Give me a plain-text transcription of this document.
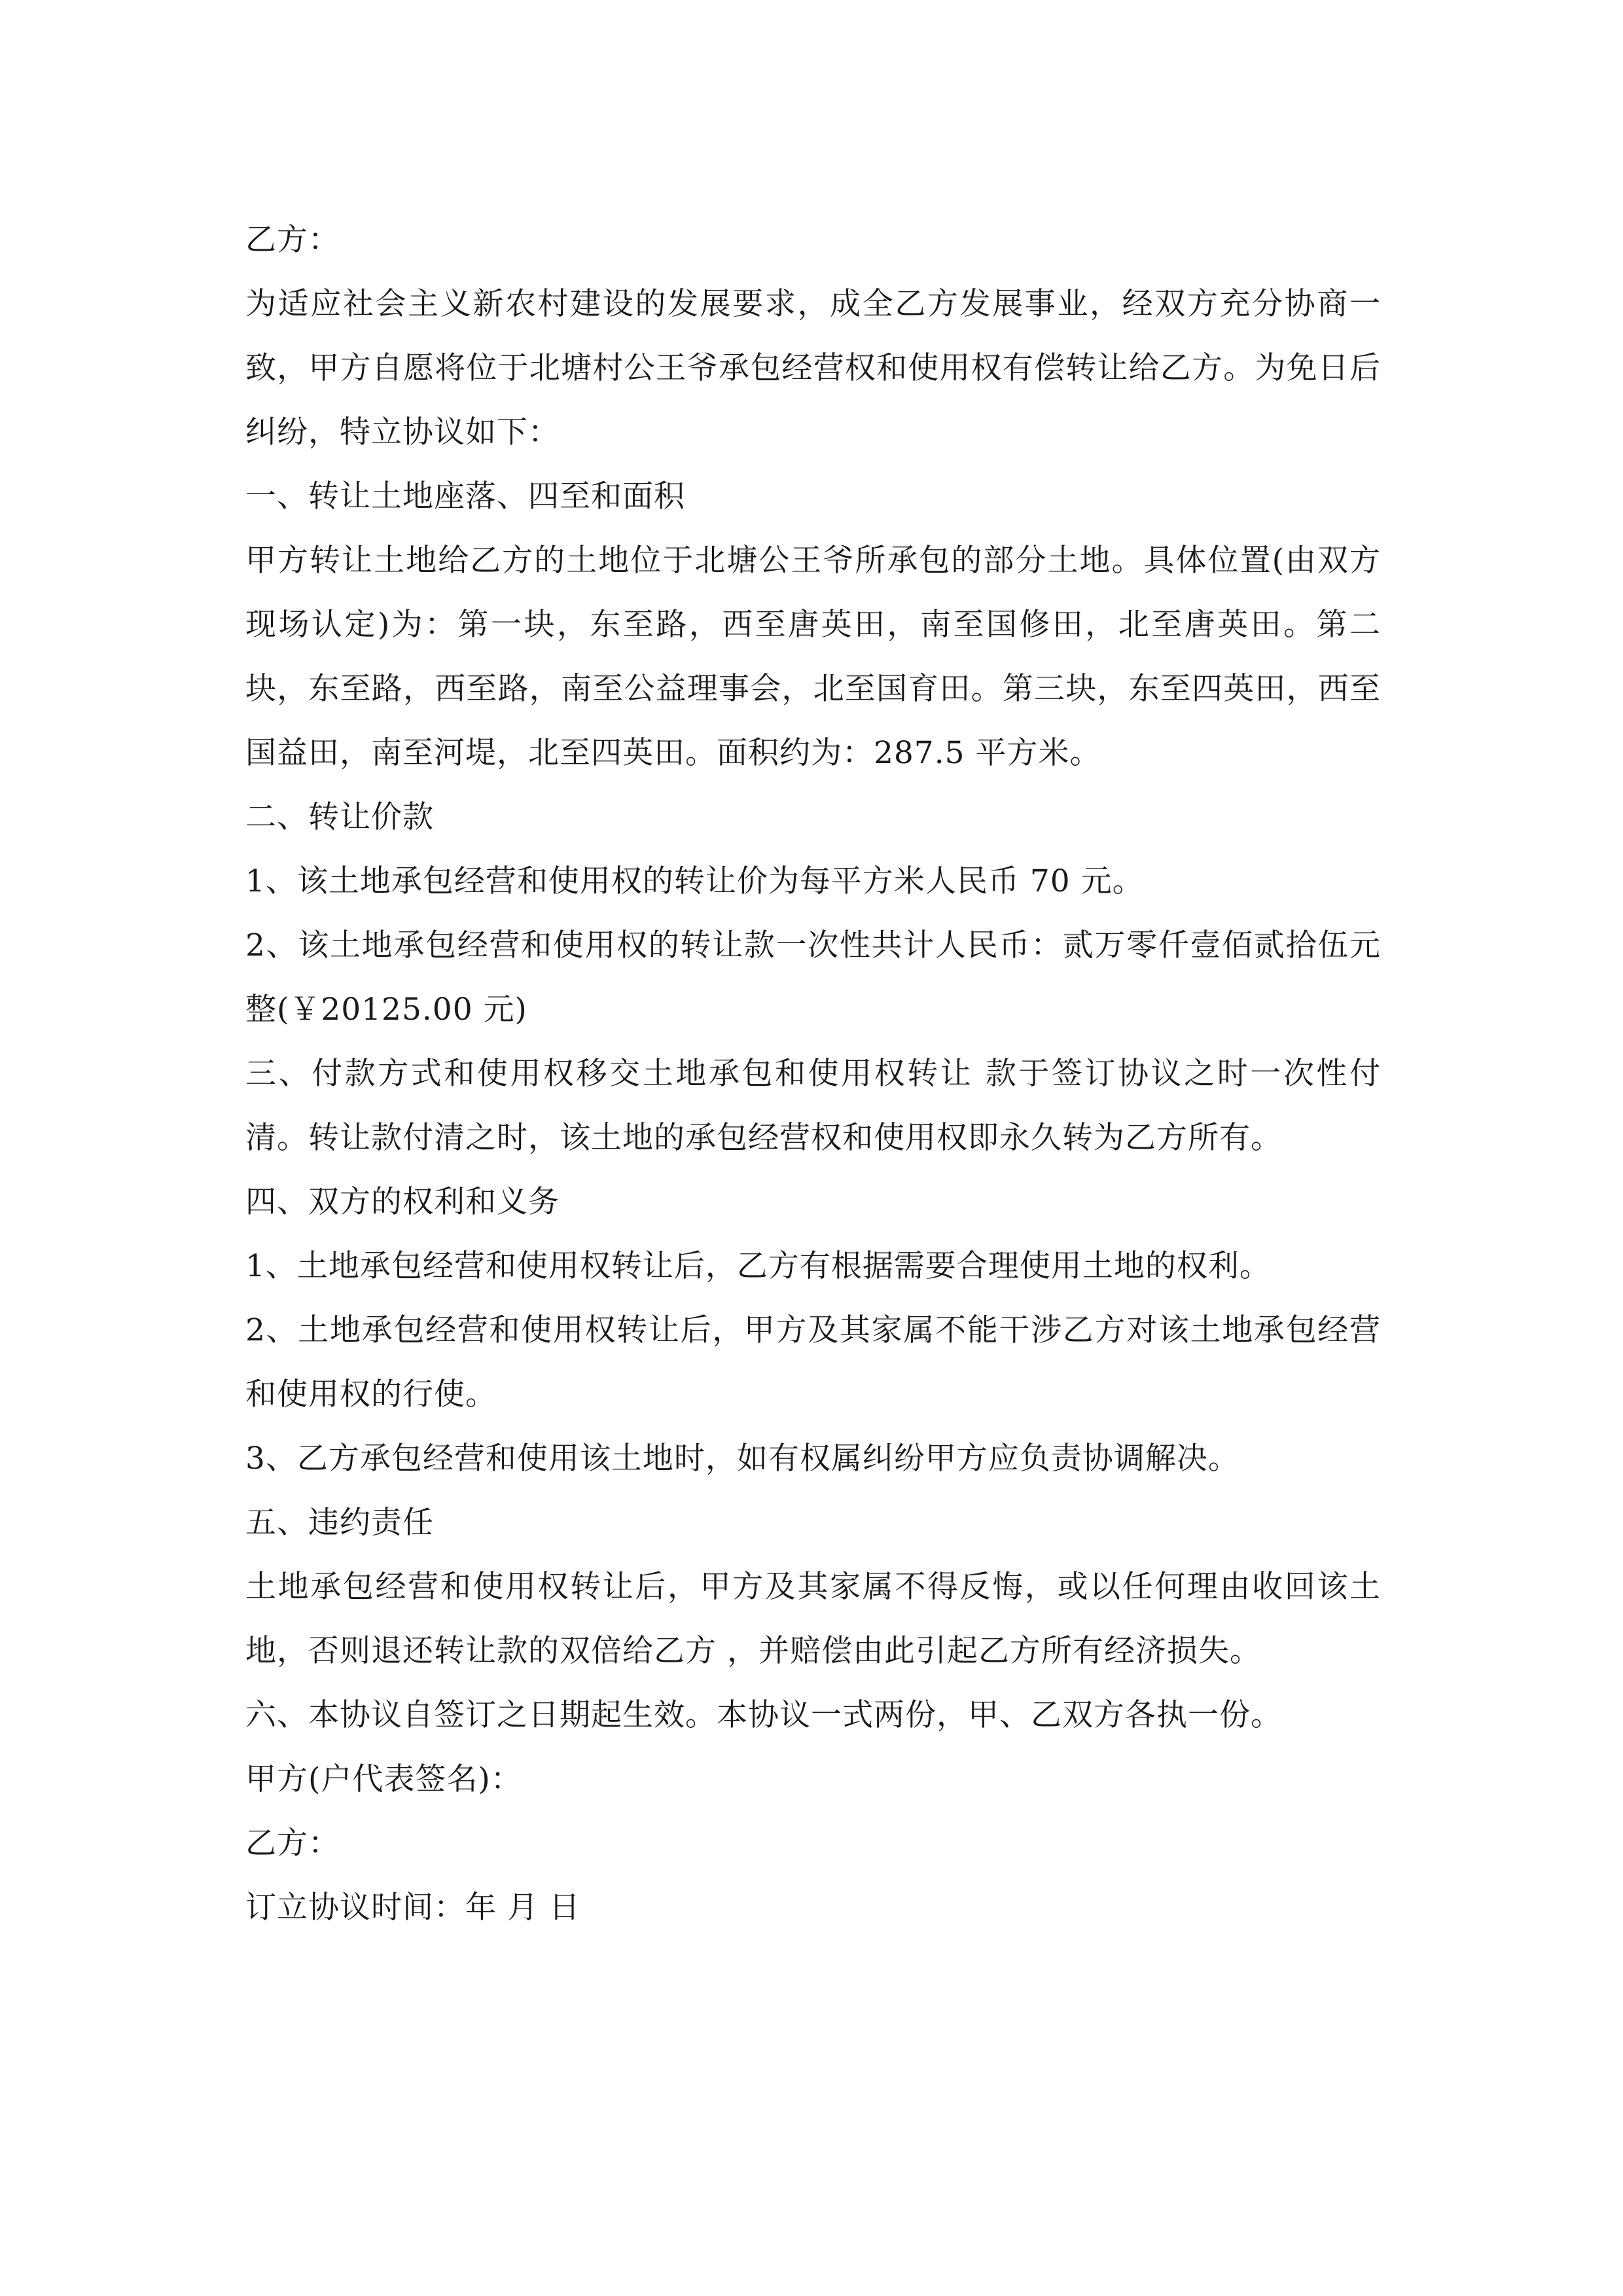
乙方：

为适应社会主义新农村建设的发展要求，成全乙方发展事业，经双方充分协商一致，甲方自愿将位于北塘村公王爷承包经营权和使用权有偿转让给乙方。为免日后纠纷，特立协议如下：

一、转让土地座落、四至和面积

甲方转让土地给乙方的土地位于北塘公王爷所承包的部分土地。具体位置(由双方现场认定)为：第一块，东至路，西至唐英田，南至国修田，北至唐英田。第二块，东至路，西至路，南至公益理事会，北至国育田。第三块，东至四英田，西至国益田，南至河堤，北至四英田。面积约为：287.5 平方米。

二、转让价款

1、该土地承包经营和使用权的转让价为每平方米人民币 70 元。

2、该土地承包经营和使用权的转让款一次性共计人民币：贰万零仟壹佰贰拾伍元整(￥20125.00 元)

三、付款方式和使用权移交土地承包和使用权转让 款于签订协议之时一次性付清。转让款付清之时，该土地的承包经营权和使用权即永久转为乙方所有。

四、双方的权利和义务

1、土地承包经营和使用权转让后，乙方有根据需要合理使用土地的权利。

2、土地承包经营和使用权转让后，甲方及其家属不能干涉乙方对该土地承包经营和使用权的行使。

3、乙方承包经营和使用该土地时，如有权属纠纷甲方应负责协调解决。

五、违约责任

土地承包经营和使用权转让后，甲方及其家属不得反悔，或以任何理由收回该土地，否则退还转让款的双倍给乙方 ，并赔偿由此引起乙方所有经济损失。

六、本协议自签订之日期起生效。本协议一式两份，甲、乙双方各执一份。

甲方(户代表签名)：

乙方：

订立协议时间：年 月 日
